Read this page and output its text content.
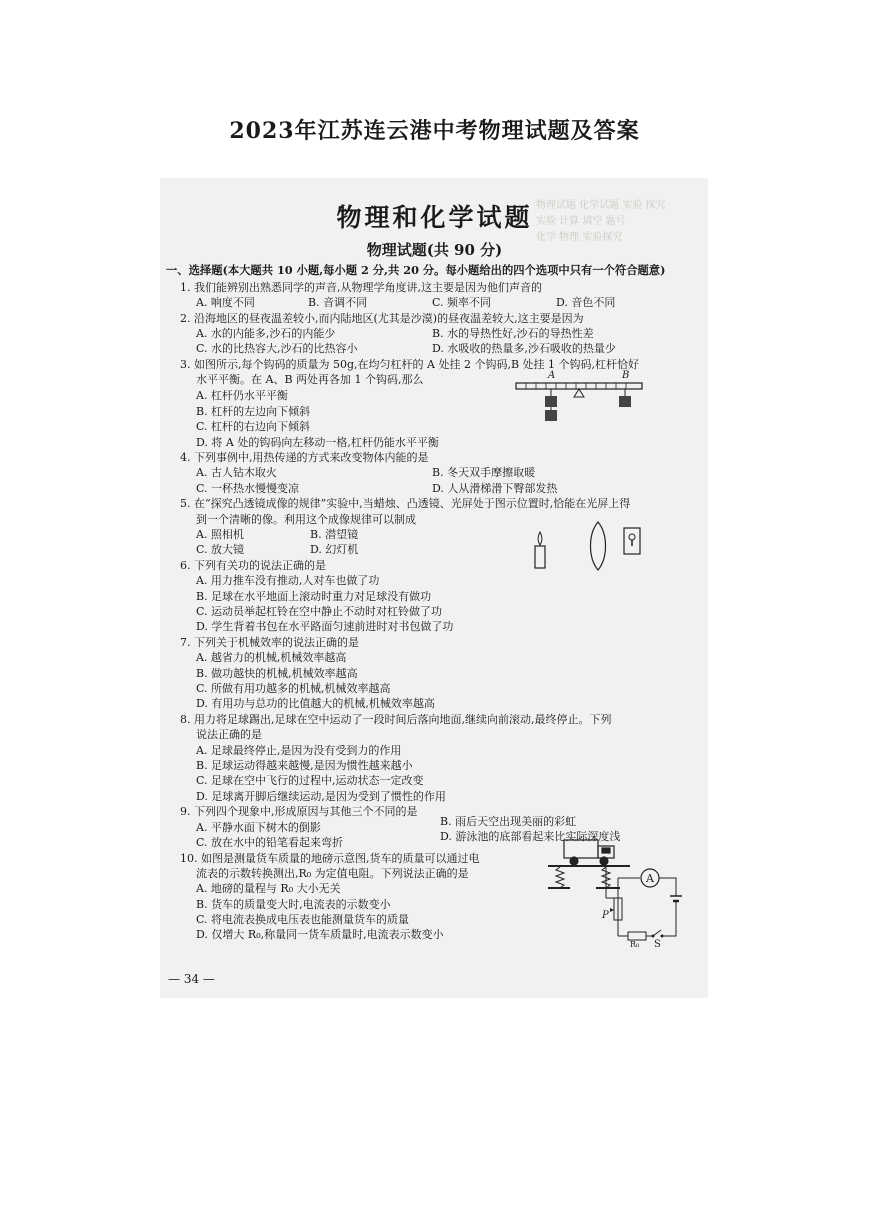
2023年江苏连云港中考物理试题及答案
物理试题 化学试题 实验 探究
实验 计算 填空 题号
化学 物理 实验探究
物理和化学试题
物理试题(共 90 分)
一、选择题(本大题共 10 小题,每小题 2 分,共 20 分。每小题给出的四个选项中只有一个符合题意)
1. 我们能辨别出熟悉同学的声音,从物理学角度讲,这主要是因为他们声音的
A. 响度不同	B. 音调不同	C. 频率不同	D. 音色不同
2. 沿海地区的昼夜温差较小,而内陆地区(尤其是沙漠)的昼夜温差较大,这主要是因为
A. 水的内能多,沙石的内能少	B. 水的导热性好,沙石的导热性差
C. 水的比热容大,沙石的比热容小	D. 水吸收的热量多,沙石吸收的热量少
3. 如图所示,每个钩码的质量为 50g,在均匀杠杆的 A 处挂 2 个钩码,B 处挂 1 个钩码,杠杆恰好
水平平衡。在 A、B 两处再各加 1 个钩码,那么
A. 杠杆仍水平平衡
B. 杠杆的左边向下倾斜
C. 杠杆的右边向下倾斜
D. 将 A 处的钩码向左移动一格,杠杆仍能水平平衡
A	B
4. 下列事例中,用热传递的方式来改变物体内能的是
A. 古人钻木取火	B. 冬天双手摩擦取暖
C. 一杯热水慢慢变凉	D. 人从滑梯滑下臀部发热
5. 在“探究凸透镜成像的规律”实验中,当蜡烛、凸透镜、光屏处于图示位置时,恰能在光屏上得
到一个清晰的像。利用这个成像规律可以制成
A. 照相机	B. 潜望镜
C. 放大镜	D. 幻灯机
6. 下列有关功的说法正确的是
A. 用力推车没有推动,人对车也做了功
B. 足球在水平地面上滚动时重力对足球没有做功
C. 运动员举起杠铃在空中静止不动时对杠铃做了功
D. 学生背着书包在水平路面匀速前进时对书包做了功
7. 下列关于机械效率的说法正确的是
A. 越省力的机械,机械效率越高
B. 做功越快的机械,机械效率越高
C. 所做有用功越多的机械,机械效率越高
D. 有用功与总功的比值越大的机械,机械效率越高
8. 用力将足球踢出,足球在空中运动了一段时间后落向地面,继续向前滚动,最终停止。下列
说法正确的是
A. 足球最终停止,是因为没有受到力的作用
B. 足球运动得越来越慢,是因为惯性越来越小
C. 足球在空中飞行的过程中,运动状态一定改变
D. 足球离开脚后继续运动,是因为受到了惯性的作用
9. 下列四个现象中,形成原因与其他三个不同的是
A. 平静水面下树木的倒影	B. 雨后天空出现美丽的彩虹
C. 放在水中的铅笔看起来弯折	D. 游泳池的底部看起来比实际深度浅
10. 如图是测量货车质量的地磅示意图,货车的质量可以通过电
流表的示数转换测出,R₀ 为定值电阻。下列说法正确的是
A. 地磅的量程与 R₀ 大小无关
B. 货车的质量变大时,电流表的示数变小
C. 将电流表换成电压表也能测量货车的质量
D. 仅增大 R₀,称量同一货车质量时,电流表示数变小
A
P
R₀ S
— 34 —
